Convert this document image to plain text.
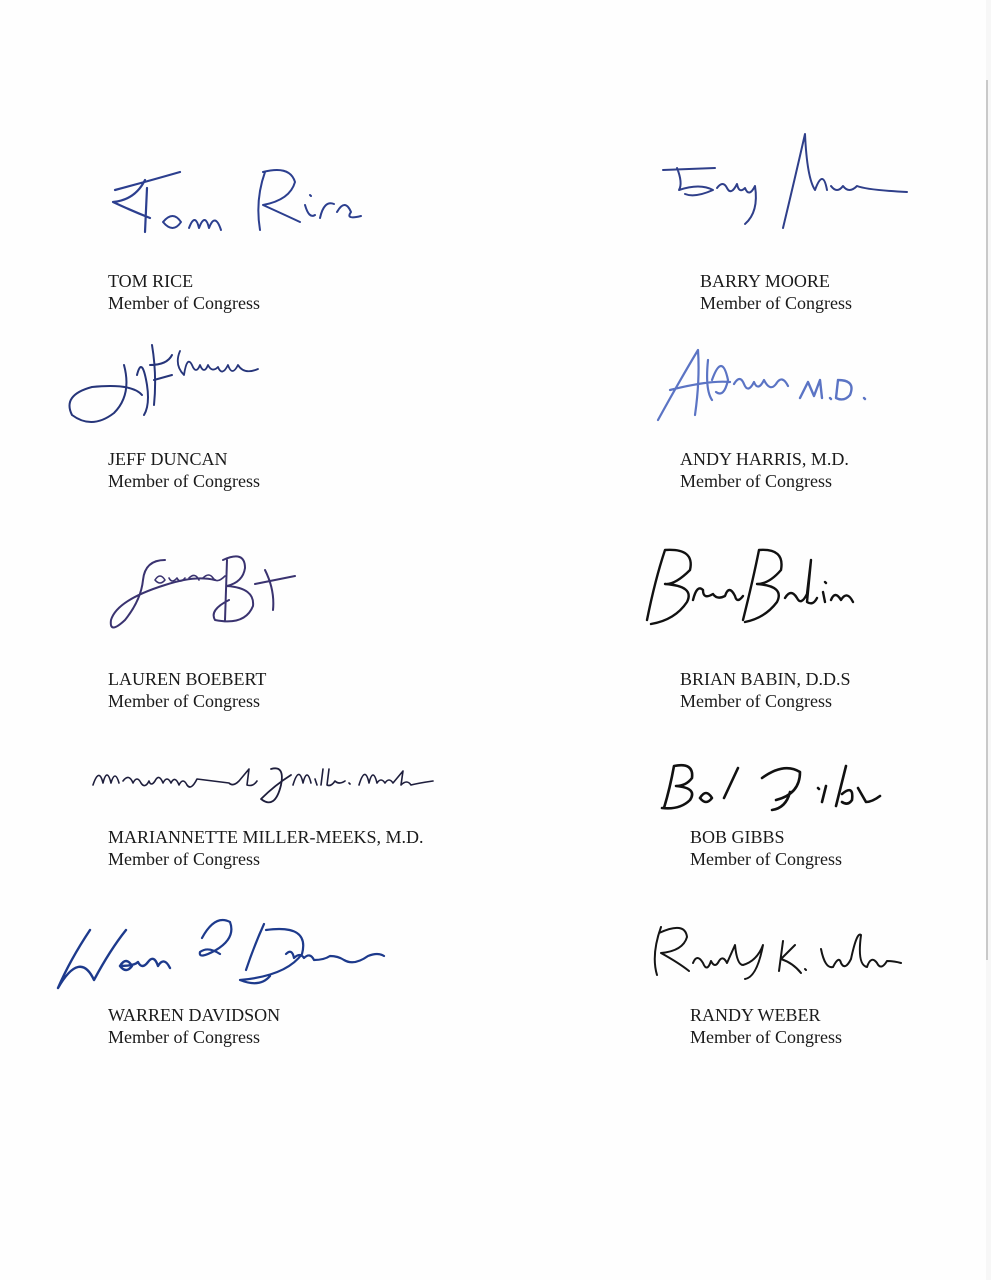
TOM RICE
Member of Congress
BARRY MOORE
Member of Congress
JEFF DUNCAN
Member of Congress
ANDY HARRIS, M.D.
Member of Congress
LAUREN BOEBERT
Member of Congress
BRIAN BABIN, D.D.S
Member of Congress
MARIANNETTE MILLER-MEEKS, M.D.
Member of Congress
BOB GIBBS
Member of Congress
WARREN DAVIDSON
Member of Congress
RANDY WEBER
Member of Congress
